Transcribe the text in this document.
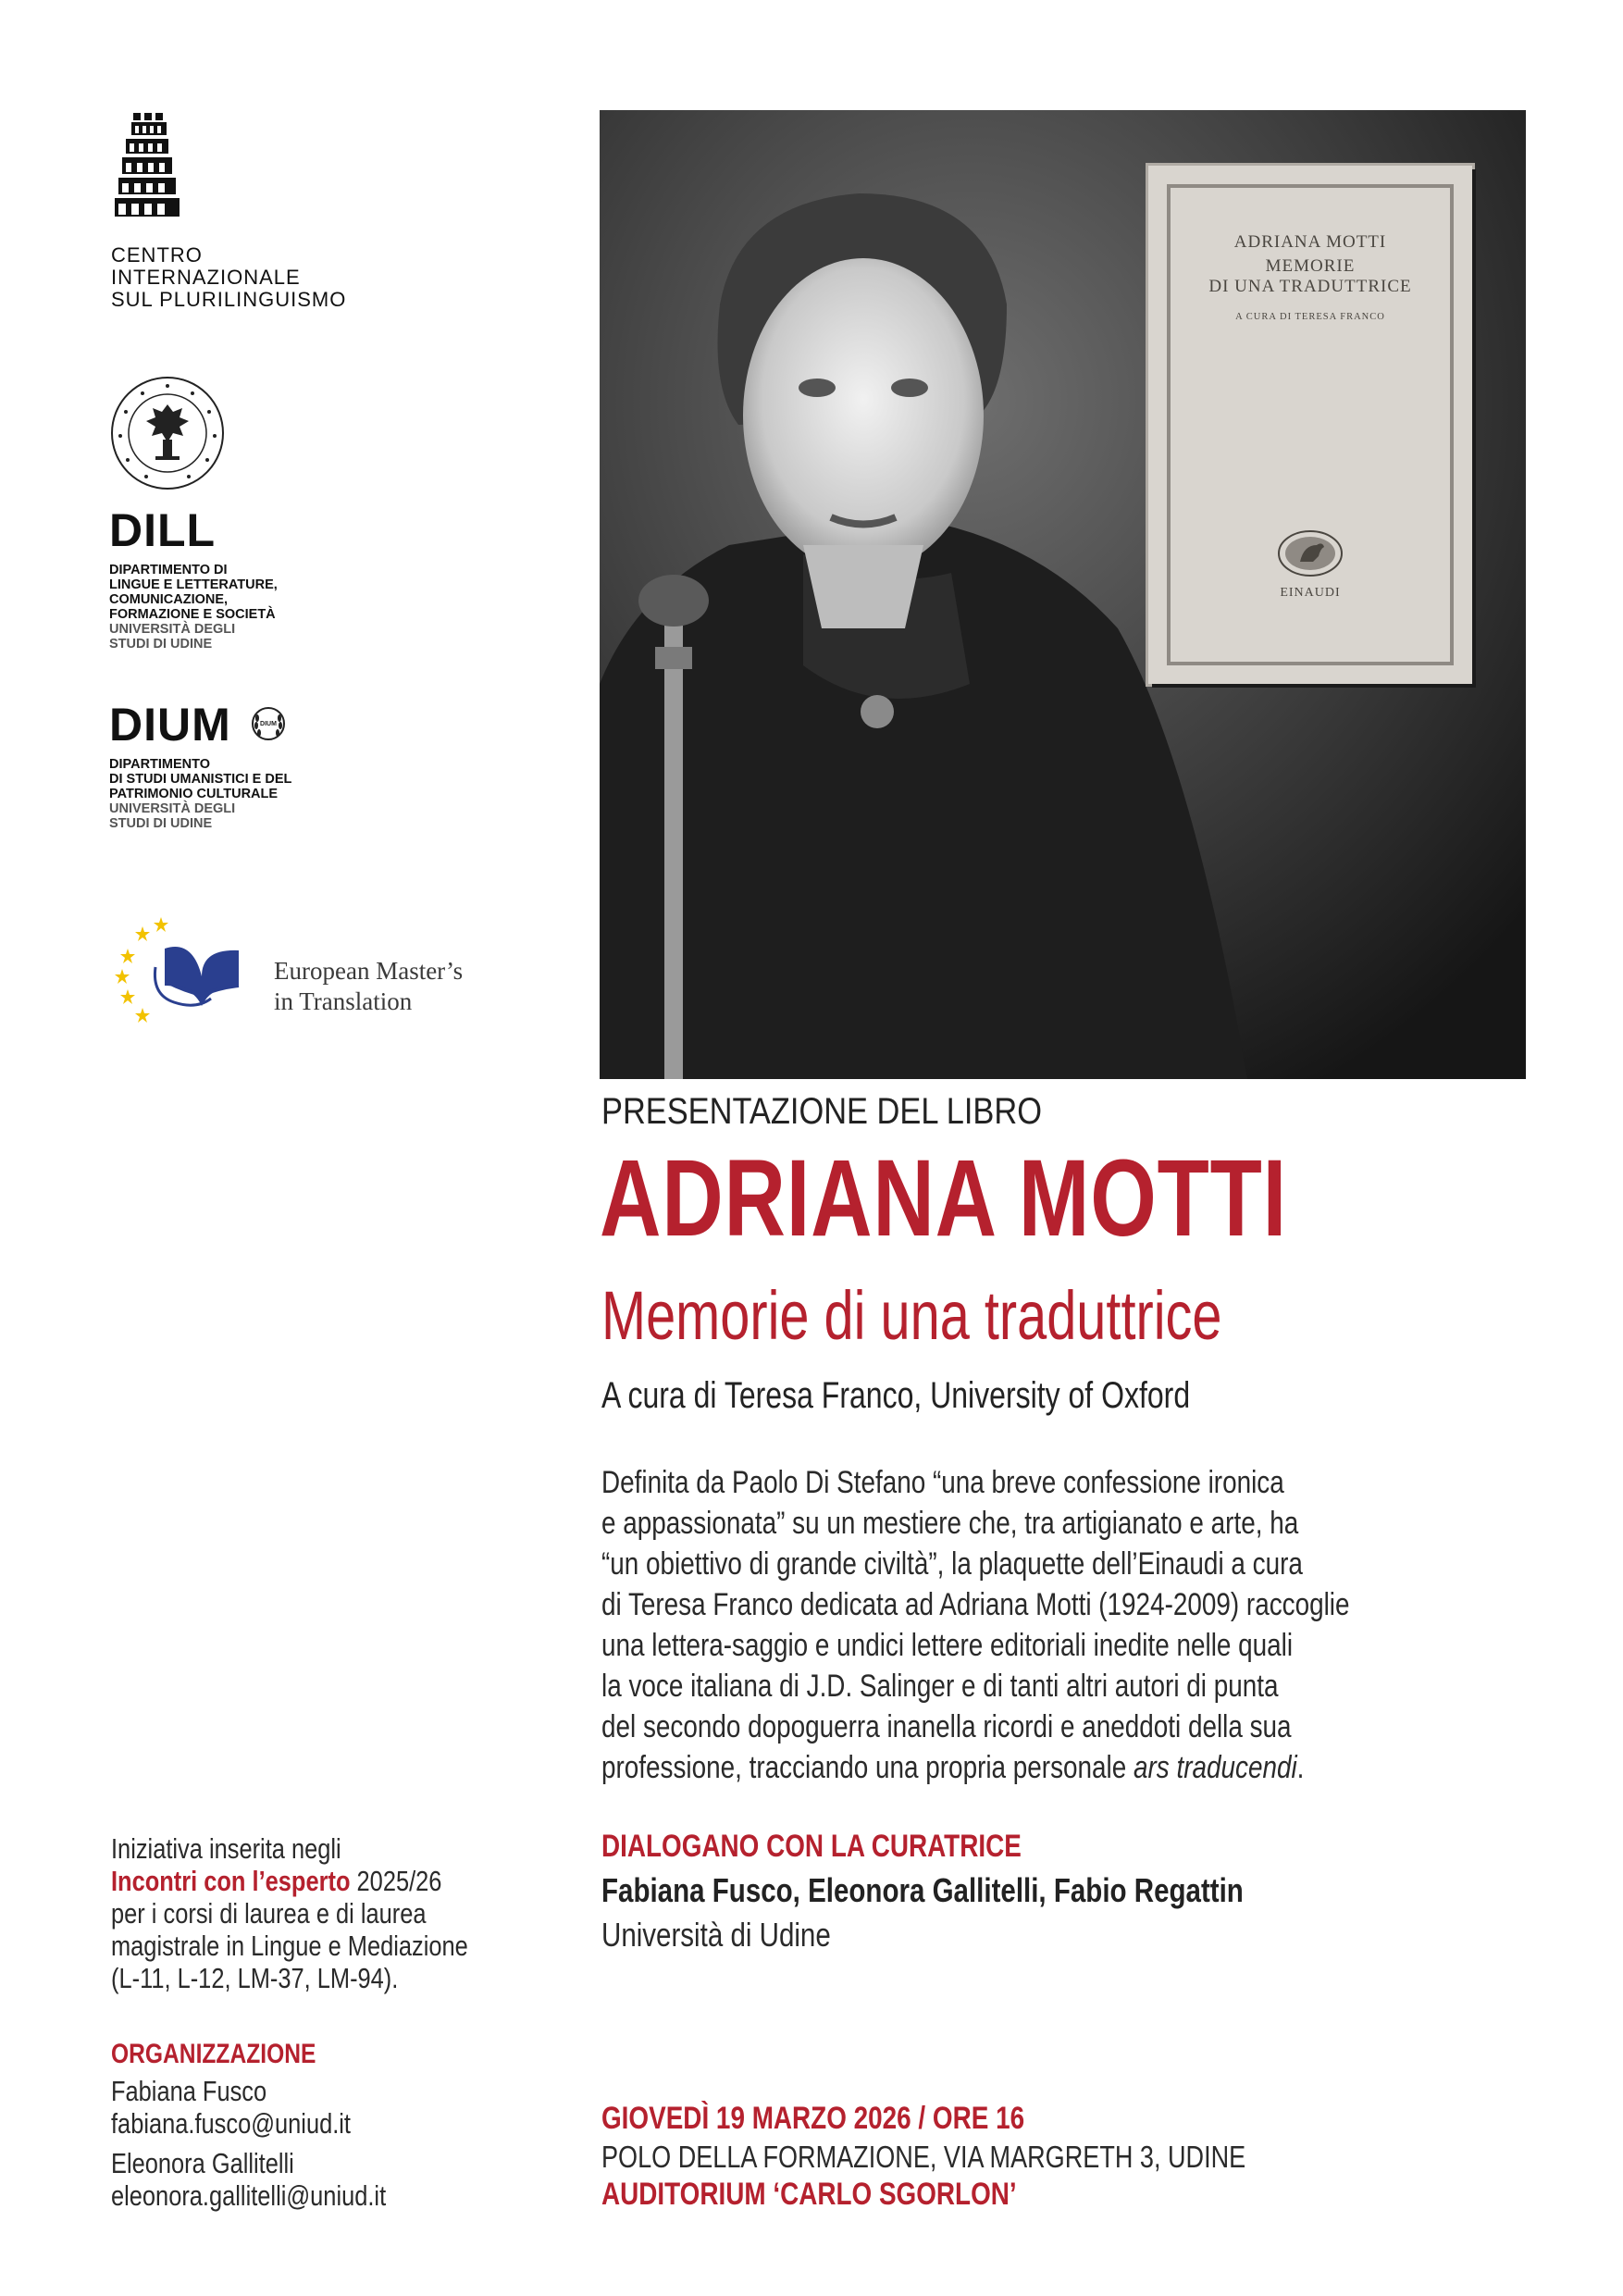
CENTRO
INTERNAZIONALE
SUL PLURILINGUISMO
DILL
DIPARTIMENTO DI
LINGUE E LETTERATURE,
COMUNICAZIONE,
FORMAZIONE E SOCIETÀ
UNIVERSITÀ DEGLI
STUDI DI UDINE
DIUM	DIUM
DIPARTIMENTO
DI STUDI UMANISTICI E DEL
PATRIMONIO CULTURALE
UNIVERSITÀ DEGLI
STUDI DI UDINE
European Master’s
in Translation
ADRIANA MOTTI
MEMORIE
DI UNA TRADUTTRICE
A CURA DI TERESA FRANCO
EINAUDI
PRESENTAZIONE DEL LIBRO
ADRIANA MOTTI
Memorie di una traduttrice
A cura di Teresa Franco, University of Oxford

Definita da Paolo Di Stefano “una breve confessione ironica

e appassionata” su un mestiere che, tra artigianato e arte, ha

“un obiettivo di grande civiltà”, la plaquette dell’Einaudi a cura

di Teresa Franco dedicata ad Adriana Motti (1924-2009) raccoglie

una lettera-saggio e undici lettere editoriali inedite nelle quali

la voce italiana di J.D. Salinger e di tanti altri autori di punta

del secondo dopoguerra inanella ricordi e aneddoti della sua

professione, tracciando una propria personale ars traducendi.

DIALOGANO CON LA CURATRICE
Fabiana Fusco, Eleonora Gallitelli, Fabio Regattin
Università di Udine
GIOVEDÌ 19 MARZO 2026 / ORE 16
POLO DELLA FORMAZIONE, VIA MARGRETH 3, UDINE
AUDITORIUM ‘CARLO SGORLON’
Iniziativa inserita negli
Incontri con l’esperto 2025/26
per i corsi di laurea e di laurea
magistrale in Lingue e Mediazione
(L-11, L-12, LM-37, LM-94).
ORGANIZZAZIONE
Fabiana Fusco
fabiana.fusco@uniud.it
Eleonora Gallitelli
eleonora.gallitelli@uniud.it
